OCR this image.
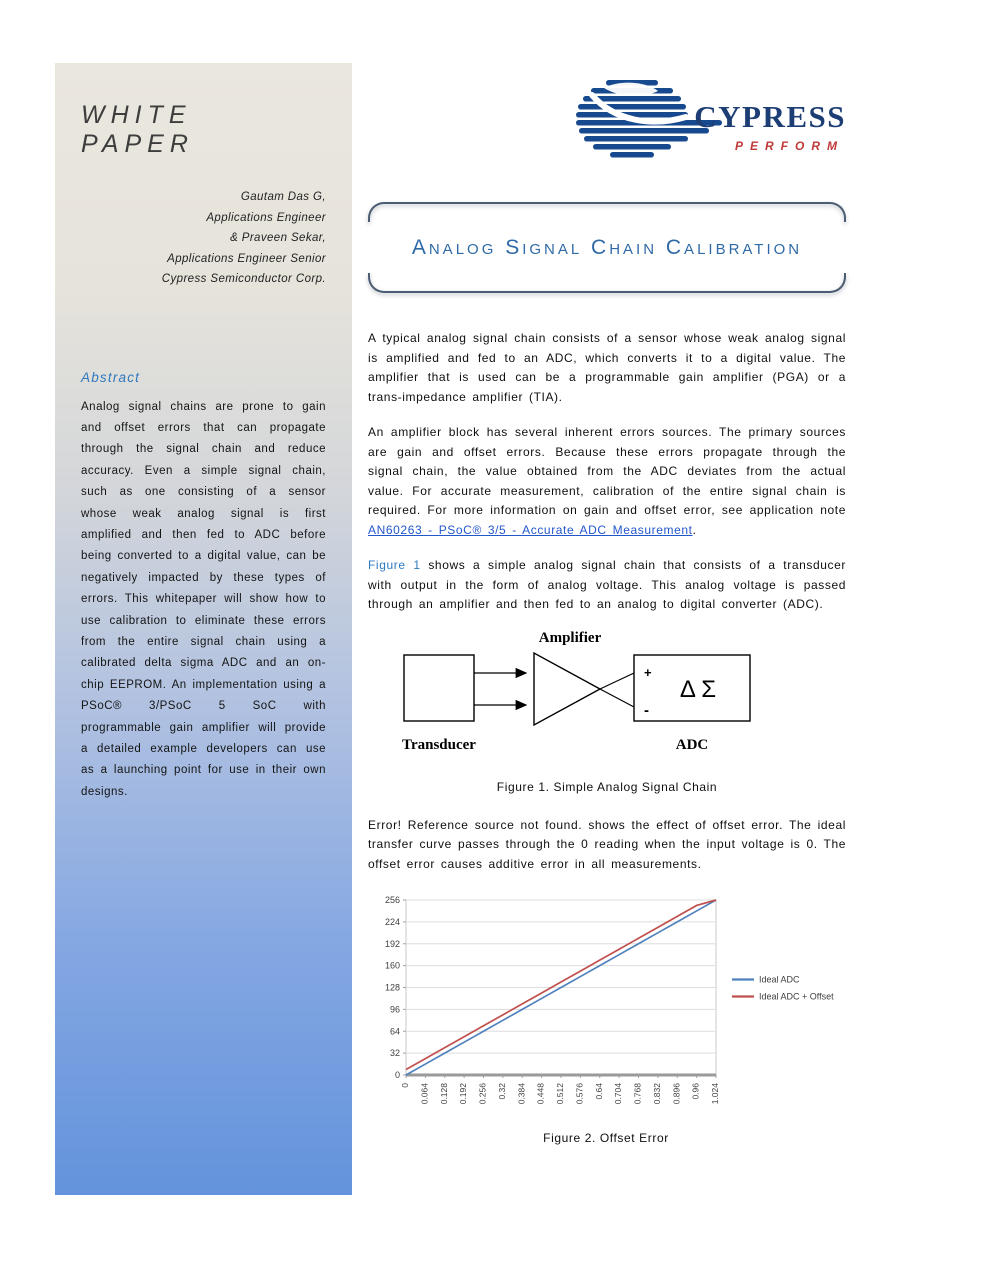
WHITE PAPER
Gautam Das G,
Applications Engineer
& Praveen Sekar,
Applications Engineer Senior
Cypress Semiconductor Corp.
Abstract

Analog signal chains are prone to gain and offset errors that can propagate through the signal chain and reduce accuracy. Even a simple signal chain, such as one consisting of a sensor whose weak analog signal is first amplified and then fed to ADC before being converted to a digital value, can be negatively impacted by these types of errors. This whitepaper will show how to use calibration to eliminate these errors from the entire signal chain using a calibrated delta sigma ADC and an on-chip EEPROM. An implementation using a PSoC® 3/PSoC 5 SoC with programmable gain amplifier will provide a detailed example developers can use as a launching point for use in their own designs.

CYPRESS
PERFORM
Analog Signal Chain Calibration

A typical analog signal chain consists of a sensor whose weak analog signal is amplified and fed to an ADC, which converts it to a digital value. The amplifier that is used can be a programmable gain amplifier (PGA) or a trans-impedance amplifier (TIA).

An amplifier block has several inherent errors sources. The primary sources are gain and offset errors. Because these errors propagate through the signal chain, the value obtained from the ADC deviates from the actual value. For accurate measurement, calibration of the entire signal chain is required. For more information on gain and offset error, see application note AN60263 - PSoC® 3/5 - Accurate ADC Measurement.

Figure 1 shows a simple analog signal chain that consists of a transducer with output in the form of analog voltage. This analog voltage is passed through an amplifier and then fed to an analog to digital converter (ADC).

Amplifier
+
-
Δ Σ
Transducer	ADC

Figure 1. Simple Analog Signal Chain

Error! Reference source not found. shows the effect of offset error. The ideal transfer curve passes through the 0 reading when the input voltage is 0. The offset error causes additive error in all measurements.

0
32
64
96
128
160
192
224
256
0 0.064 0.128 0.192 0.256 0.32 0.384 0.448 0.512 0.576 0.64 0.704 0.768 0.832 0.896 0.96 1.024
Ideal ADC
Ideal ADC + Offset

Figure 2. Offset Error
